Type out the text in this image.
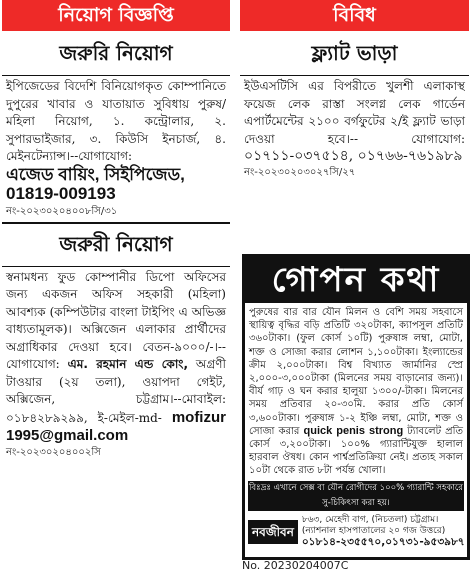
নিয়োগ বিজ্ঞপ্তি
জরুরি নিয়োগ
ইপিজেডের বিদেশি বিনিয়োগকৃত কোম্পানিতে দুপুরের খাবার ও যাতায়াত সুবিধায় পুরুষ/মহিলা নিয়োগ, ১. কন্ট্রোলার, ২. সুপারভাইজার, ৩. কিউসি ইনচার্জ, ৪. মেইনটেন্যান্স।--যোগাযোগ:
এজেড বায়িং, সিইপিজেড,
01819-009193
নং-২০২৩০২০৪০০৮সি/৩১
জরুরী নিয়োগ
স্বনামধন্য ফুড কোম্পানীর ডিপো অফিসের জন্য একজন অফিস সহকারী (মহিলা) আবশ্যক (কম্পিউটার বাংলা টাইপিং এ অভিজ্ঞ বাধ্যতামূলক)। অক্সিজেন এলাকার প্রার্থীদের অগ্রাধিকার দেওয়া হবে। বেতন-৯০০০/-।-- যোগাযোগ: এম. রহমান এন্ড কোং, অগ্রণী টাওয়ার (২য় তলা), ওয়াপদা গেইট, অক্সিজেন, চট্টগ্রাম।--মোবাইল: ০১৮৪২৮৯২৯৯, ই-মেইল-md- mofizur 1995@gmail.com
নং-২০২৩০২০৪০০২সি
বিবিধ
ফ্ল্যাট ভাড়া
ইউএসটিসি এর বিপরীতে খুলশী এলাকাস্থ ফয়েজ লেক রাস্তা সংলগ্ন লেক গার্ডেন এপার্টমেন্টের ২১০০ বর্গফুটের ২/ই ফ্ল্যাট ভাড়া দেওয়া হবে।--	যোগাযোগ: ০১৭১১-০৩৭৫১৪, ০১৭৬৬-৭৬১৯৮৯
নং-২০২৩০২০৩০২৭সি/২৭
গোপন কথা
পুরুষের বার বার যৌন মিলন ও বেশি সময় সহবাসে স্থায়িত্ব বৃদ্ধির বড়ি প্রতিটি ৩২০টাকা, ক্যাপসুল প্রতিটি ৩৬০টাকা। (ফুল কোর্স ১০টি) পুরুষাঙ্গ লম্বা, মোটা, শক্ত ও সোজা করার লোশন ১,১০০টাকা। ইংল্যান্ডের ক্রীম ২,০০০টাকা। বিশ্ব বিখ্যাত জার্মানির স্প্রে ২,০০০-৩,০০০টাকা (মিলনের সময় বাড়ানোর জন্য)। বীর্য গাঢ় ও ঘন করার হালুয়া ১৩০০/-টাকা। মিলনের সময় প্রতিবার ২০-৩০মি. করার প্রতি কোর্স ৩,৬০০টাকা। পুরুষাঙ্গ ১-২ ইঞ্চি লম্বা, মোটা, শক্ত ও সোজা করার quick penis strong ট্যাবলেট প্রতি কোর্স ৩,২০০টাকা। ১০০% গ্যারান্টিযুক্ত হালাল হারবাল ঔষধ। কোন পার্শ্বপ্রতিক্রিয়া নেই। প্রত্যহ সকাল ১০টা থেকে রাত ৮টা পর্যন্ত খোলা।
বিঃদ্রঃ এখানে সেক্স বা যৌন রোগীদের ১০০% গ্যারান্টি সহকারে সু-চিকিৎসা করা হয়।
নবজীবন
৮৬৩, মেহেদী বাগ, (নিচতলা) চট্টগ্রাম। (ন্যাশনাল হাসপাতালের ২০ গজ উত্তরে)
০১৮১৪-২৩৫৫৭০,০১৭৩১-৯৫৩৯৮৭
No. 20230204007C
